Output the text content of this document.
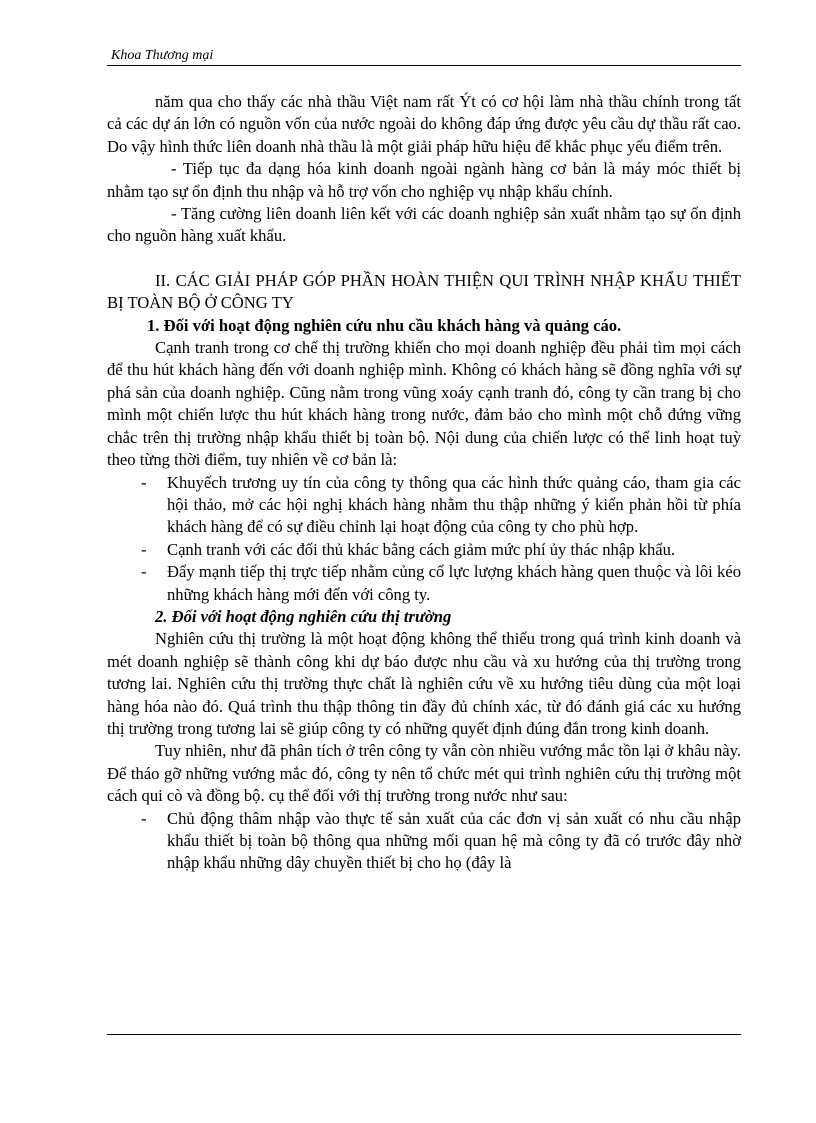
Khoa Thương mại

năm qua cho thấy các nhà thầu Việt nam rất Ýt có cơ hội làm nhà thầu chính trong tất cả các dự án lớn có nguồn vốn của nước ngoài do không đáp ứng được yêu cầu dự thầu rất cao. Do vậy hình thức liên doanh nhà thầu là một giải pháp hữu hiệu để khắc phục yếu điểm trên.

- Tiếp tục đa dạng hóa kinh doanh ngoài ngành hàng cơ bản là máy móc thiết bị nhằm tạo sự ổn định thu nhập và hỗ trợ vốn cho nghiệp vụ nhập khẩu chính.

- Tăng cường liên doanh liên kết với các doanh nghiệp sản xuất nhằm tạo sự ổn định cho nguồn hàng xuất khẩu.

II. CÁC GIẢI PHÁP GÓP PHẦN HOÀN THIỆN QUI TRÌNH NHẬP KHẨU THIẾT BỊ TOÀN BỘ Ở CÔNG TY

1. Đối với hoạt động nghiên cứu nhu cầu khách hàng và quảng cáo.

Cạnh tranh trong cơ chế thị trường khiến cho mọi doanh nghiệp đều phải tìm mọi cách để thu hút khách hàng đến với doanh nghiệp mình. Không có khách hàng sẽ đồng nghĩa với sự phá sản của doanh nghiệp. Cũng nằm trong vũng xoáy cạnh tranh đó, công ty cần trang bị cho mình một chiến lược thu hút khách hàng trong nước, đảm bảo cho mình một chỗ đứng vững chắc trên thị trường nhập khẩu thiết bị toàn bộ. Nội dung của chiến lược có thể linh hoạt tuỳ theo từng thời điểm, tuy nhiên về cơ bản là:

- Khuyếch trương uy tín của công ty thông qua các hình thức quảng cáo, tham gia các hội thảo, mở các hội nghị khách hàng nhằm thu thập những ý kiến phản hồi từ phía khách hàng để có sự điều chỉnh lại hoạt động của công ty cho phù hợp.
- Cạnh tranh với các đối thủ khác bằng cách giảm mức phí ủy thác nhập khẩu.
- Đẩy mạnh tiếp thị trực tiếp nhằm củng cố lực lượng khách hàng quen thuộc và lôi kéo những khách hàng mới đến với công ty.

2. Đối với hoạt động nghiên cứu thị trường

Nghiên cứu thị trường là một hoạt động không thể thiếu trong quá trình kinh doanh và mét doanh nghiệp sẽ thành công khi dự báo được nhu cầu và xu hướng của thị trường trong tương lai. Nghiên cứu thị trường thực chất là nghiên cứu về xu hướng tiêu dùng của một loại hàng hóa nào đó. Quá trình thu thập thông tin đầy đủ chính xác, từ đó đánh giá các xu hướng thị trường trong tương lai sẽ giúp công ty có những quyết định đúng đắn trong kinh doanh.

Tuy nhiên, như đã phân tích ở trên công ty vẫn còn nhiều vướng mắc tồn lại ở khâu này. Để tháo gỡ những vướng mắc đó, công ty nên tổ chức mét qui trình nghiên cứu thị trường một cách qui cò và đồng bộ. cụ thể đối với thị trường trong nước như sau:

- Chủ động thâm nhập vào thực tế sản xuất của các đơn vị sản xuất có nhu cầu nhập khẩu thiết bị toàn bộ thông qua những mối quan hệ mà công ty đã có trước đây nhờ nhập khẩu những dây chuyền thiết bị cho họ (đây là
